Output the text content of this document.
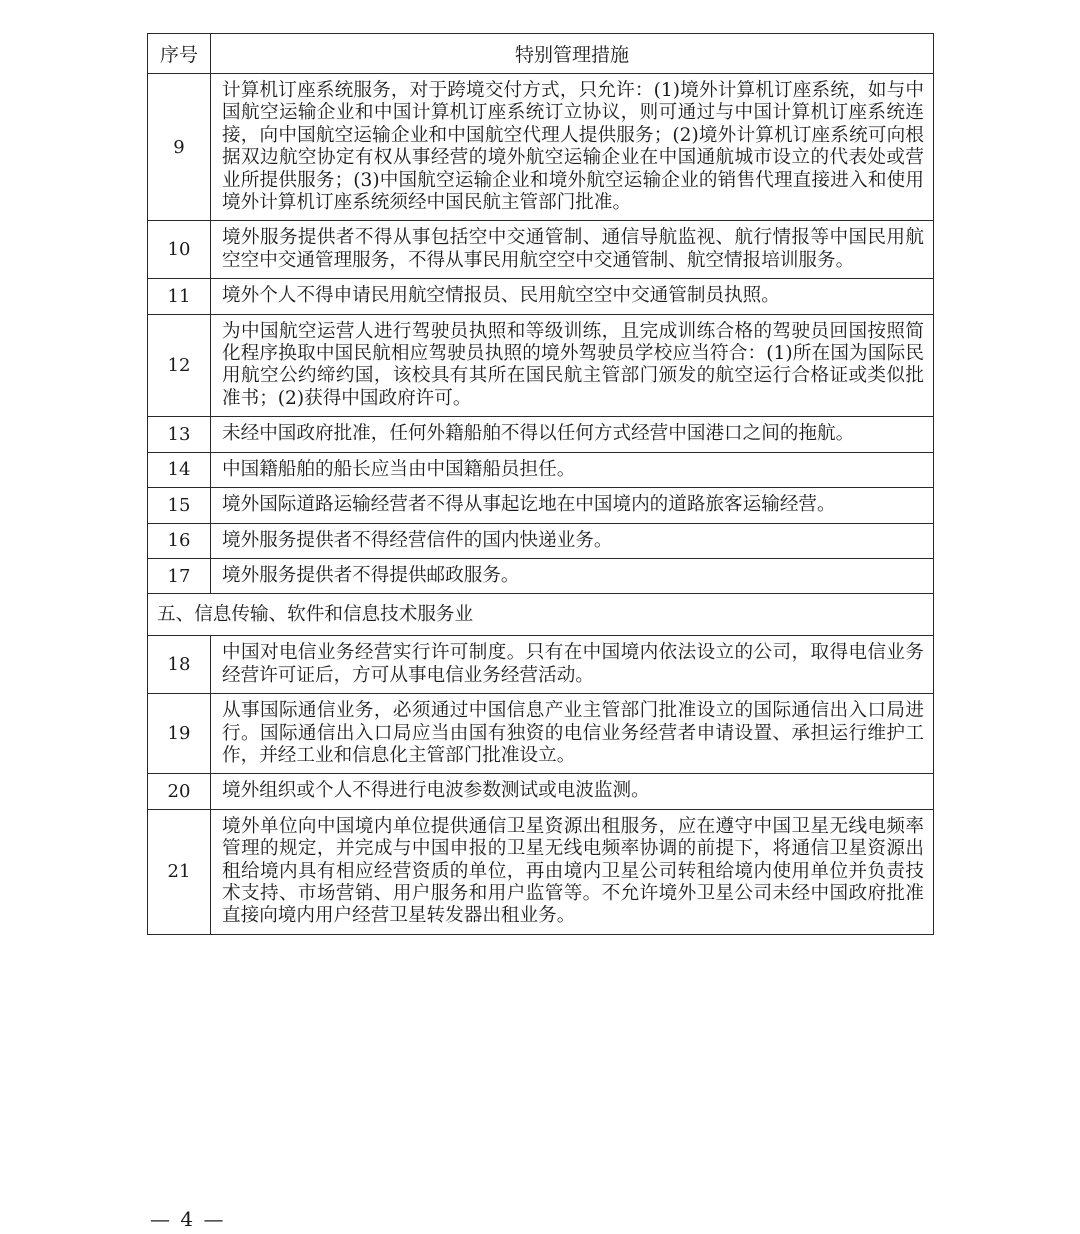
序号	特别管理措施
9	计算机订座系统服务，对于跨境交付方式，只允许：(1)境外计算机订座系统，如与中国航空运输企业和中国计算机订座系统订立协议，则可通过与中国计算机订座系统连接，向中国航空运输企业和中国航空代理人提供服务；(2)境外计算机订座系统可向根据双边航空协定有权从事经营的境外航空运输企业在中国通航城市设立的代表处或营业所提供服务；(3)中国航空运输企业和境外航空运输企业的销售代理直接进入和使用境外计算机订座系统须经中国民航主管部门批准。
10	境外服务提供者不得从事包括空中交通管制、通信导航监视、航行情报等中国民用航空空中交通管理服务，不得从事民用航空空中交通管制、航空情报培训服务。
11	境外个人不得申请民用航空情报员、民用航空空中交通管制员执照。
12	为中国航空运营人进行驾驶员执照和等级训练，且完成训练合格的驾驶员回国按照简化程序换取中国民航相应驾驶员执照的境外驾驶员学校应当符合：(1)所在国为国际民用航空公约缔约国，该校具有其所在国民航主管部门颁发的航空运行合格证或类似批准书；(2)获得中国政府许可。
13	未经中国政府批准，任何外籍船舶不得以任何方式经营中国港口之间的拖航。
14	中国籍船舶的船长应当由中国籍船员担任。
15	境外国际道路运输经营者不得从事起讫地在中国境内的道路旅客运输经营。
16	境外服务提供者不得经营信件的国内快递业务。
17	境外服务提供者不得提供邮政服务。
五、信息传输、软件和信息技术服务业	
18	中国对电信业务经营实行许可制度。只有在中国境内依法设立的公司，取得电信业务经营许可证后，方可从事电信业务经营活动。
19	从事国际通信业务，必须通过中国信息产业主管部门批准设立的国际通信出入口局进行。国际通信出入口局应当由国有独资的电信业务经营者申请设置、承担运行维护工作，并经工业和信息化主管部门批准设立。
20	境外组织或个人不得进行电波参数测试或电波监测。
21	境外单位向中国境内单位提供通信卫星资源出租服务，应在遵守中国卫星无线电频率管理的规定，并完成与中国申报的卫星无线电频率协调的前提下，将通信卫星资源出租给境内具有相应经营资质的单位，再由境内卫星公司转租给境内使用单位并负责技术支持、市场营销、用户服务和用户监管等。不允许境外卫星公司未经中国政府批准直接向境内用户经营卫星转发器出租业务。
— 4 —
